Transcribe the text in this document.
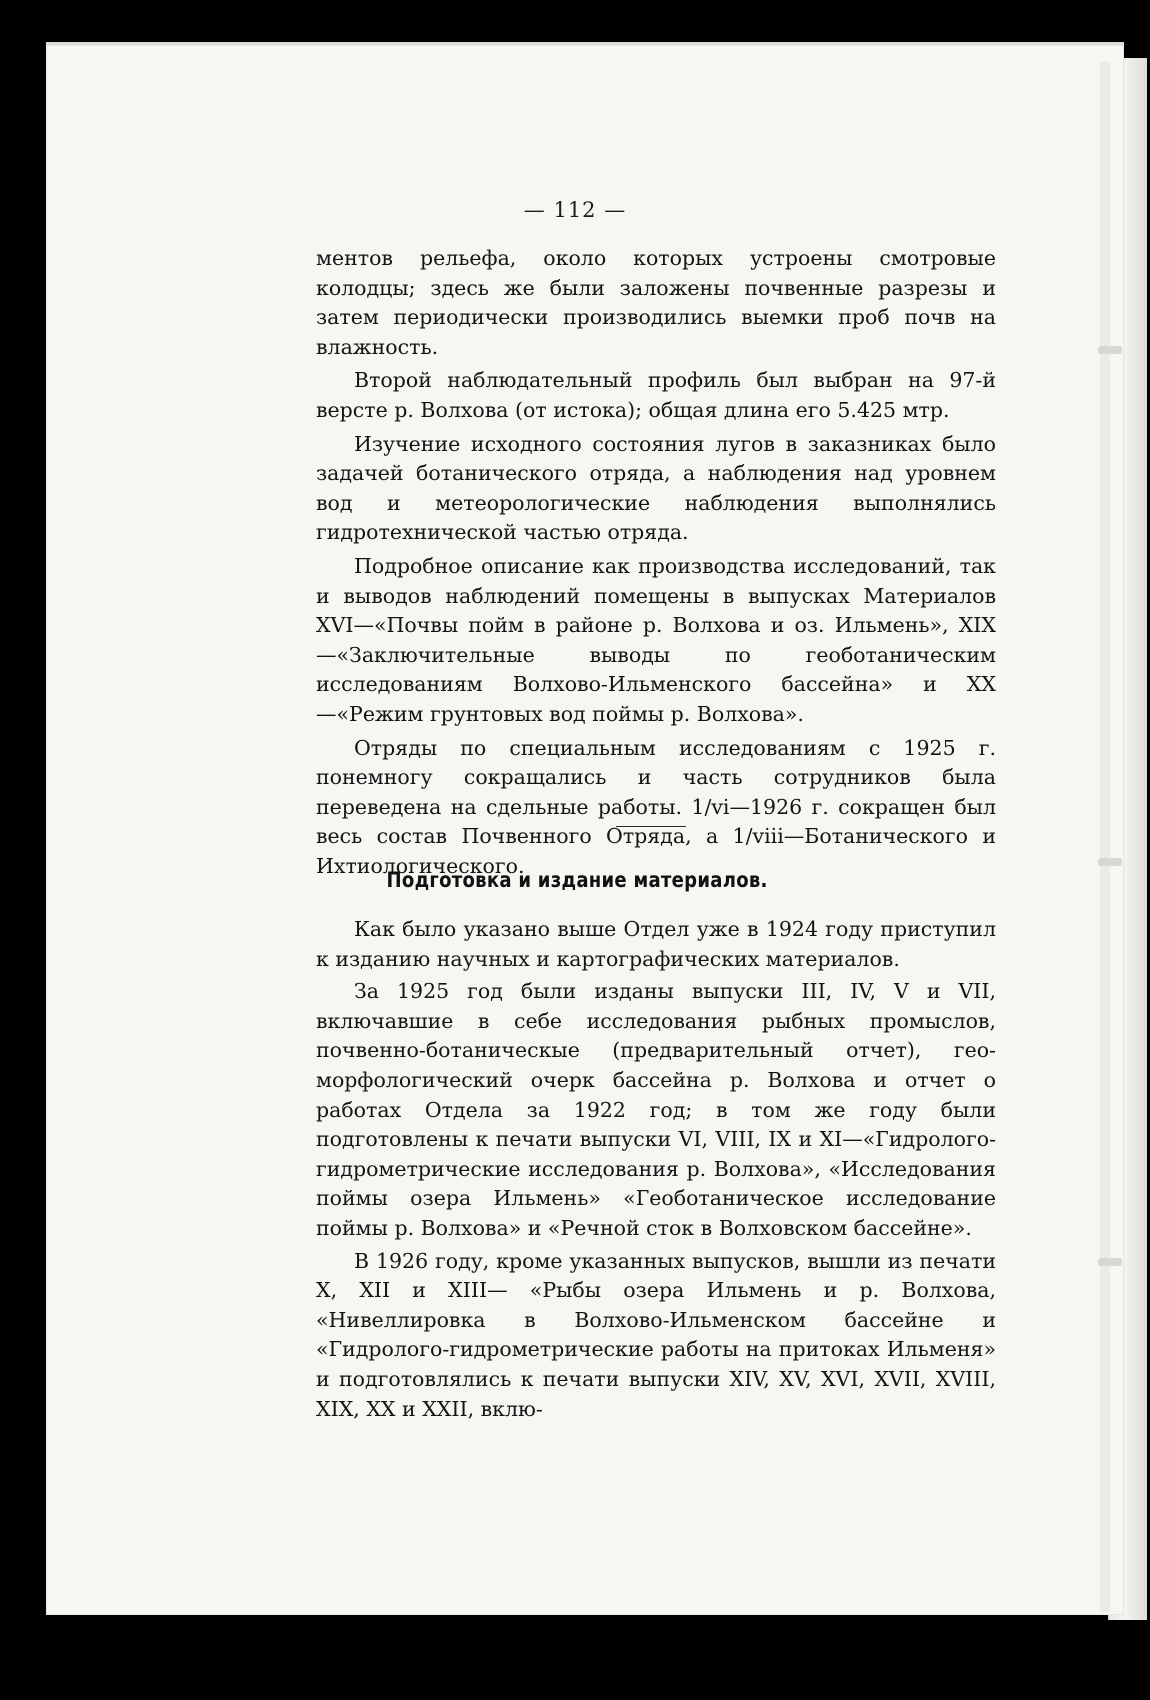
— 112 —

ментов рельефа, около которых устроены смотровые колодцы; здесь же были заложены почвенные разрезы и затем периодически производились выемки проб почв на влажность.

Второй наблюдательный профиль был выбран на 97-й версте р. Волхова (от истока); общая длина его 5.425 мтр.

Изучение исходного состояния лугов в заказниках было задачей ботанического отряда, а наблюдения над уровнем вод и метеорологические наблюдения выполнялись гидротехнической частью отряда.

Подробное описание как производства исследований, так и выводов наблюдений помещены в выпусках Материалов XVI—«Почвы пойм в районе р. Волхова и оз. Ильмень», XIX—«Заключительные выводы по геоботаническим исследованиям Волхово-Ильменского бассейна» и XX—«Режим грунтовых вод поймы р. Волхова».

Отряды по специальным исследованиям с 1925 г. понемногу сокращались и часть сотрудников была переведена на сдельные работы. 1/vi—1926 г. сокращен был весь состав Почвенного Отряда, а 1/viii—Ботанического и Ихтиологического.

Подготовка и издание материалов.

Как было указано выше Отдел уже в 1924 году приступил к изданию научных и картографических материалов.

За 1925 год были изданы выпуски III, IV, V и VII, включавшие в себе исследования рыбных промыслов, почвенно-ботаническые (предварительный отчет), гео-морфологический очерк бассейна р. Волхова и отчет о работах Отдела за 1922 год; в том же году были подготовлены к печати выпуски VI, VIII, IX и XI—«Гидролого-гидрометрические исследования р. Волхова», «Исследования поймы озера Ильмень» «Геоботаническое исследование поймы р. Волхова» и «Речной сток в Волховском бассейне».

В 1926 году, кроме указанных выпусков, вышли из печати X, XII и XIII— «Рыбы озера Ильмень и р. Волхова, «Нивеллировка в Волхово-Ильменском бассейне и «Гидролого-гидрометрические работы на притоках Ильменя» и подготовлялись к печати выпуски XIV, XV, XVI, XVII, XVIII, XIX, XX и XXII, вклю-
